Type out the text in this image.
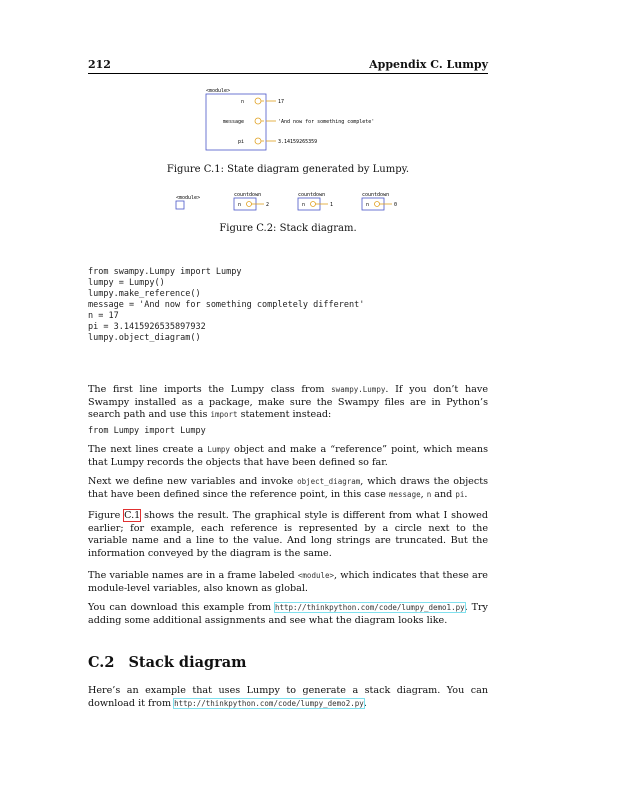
212	Appendix C. Lumpy
<module>
n	17
message	'And now for something complete'
pi	3.14159265359
Figure C.1: State diagram generated by Lumpy.
<module>	countdown
n	2
countdown
n	1
countdown
n	0
Figure C.2: Stack diagram.

from swampy.Lumpy import Lumpy
lumpy = Lumpy()
lumpy.make_reference()
message = 'And now for something completely different'
n = 17
pi = 3.1415926535897932
lumpy.object_diagram()

The first line imports the Lumpy class from swampy.Lumpy. If you don’t have Swampy installed as a package, make sure the Swampy files are in Python’s search path and use this import statement instead:
from Lumpy import Lumpy
The next lines create a Lumpy object and make a “reference” point, which means that Lumpy records the objects that have been defined so far.
Next we define new variables and invoke object_diagram, which draws the objects that have been defined since the reference point, in this case message, n and pi.
Figure C.1 shows the result. The graphical style is different from what I showed earlier; for example, each reference is represented by a circle next to the variable name and a line to the value. And long strings are truncated. But the information conveyed by the diagram is the same.
The variable names are in a frame labeled <module>, which indicates that these are module-level variables, also known as global.
You can download this example from http://thinkpython.com/code/lumpy_demo1.py. Try adding some additional assignments and see what the diagram looks like.
C.2 Stack diagram
Here’s an example that uses Lumpy to generate a stack diagram. You can download it from http://thinkpython.com/code/lumpy_demo2.py.
